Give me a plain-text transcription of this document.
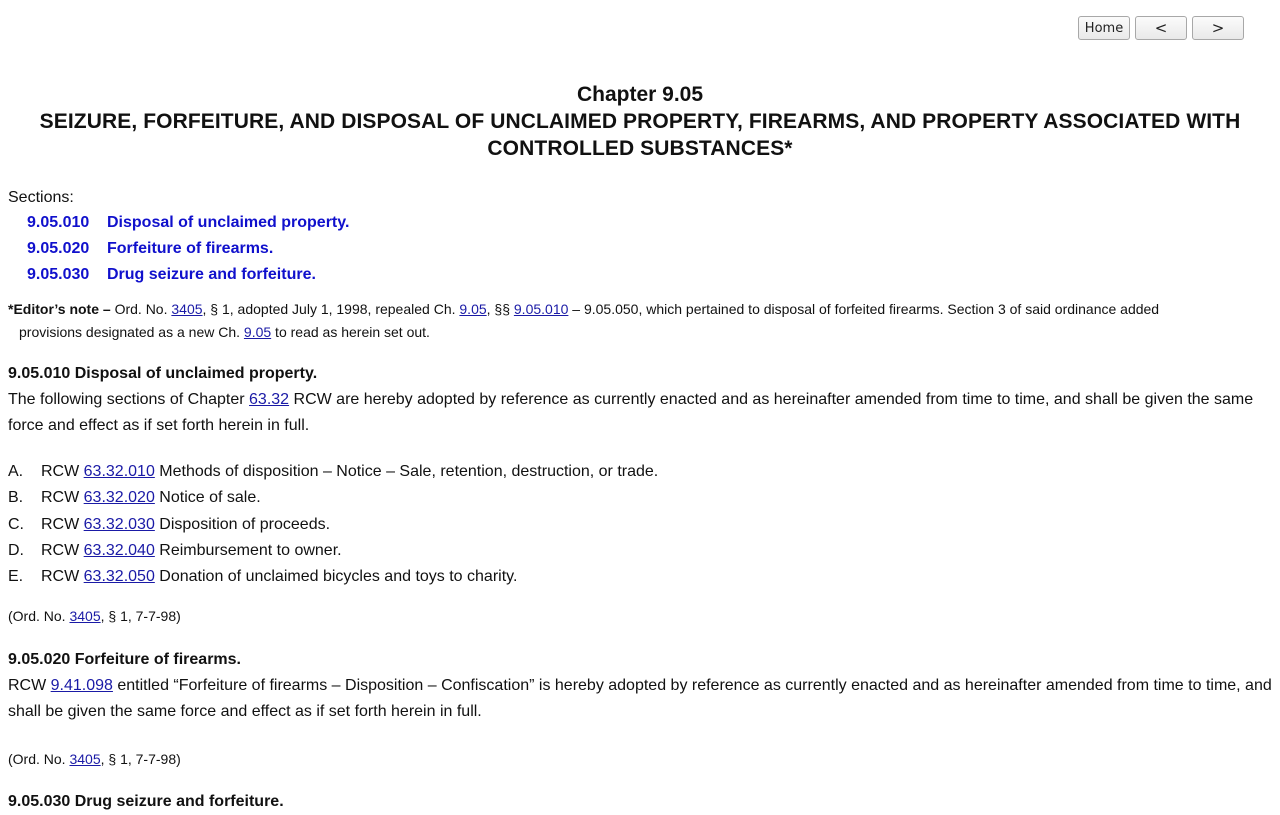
Home	<	>
Chapter 9.05
SEIZURE, FORFEITURE, AND DISPOSAL OF UNCLAIMED PROPERTY, FIREARMS, AND PROPERTY ASSOCIATED WITH CONTROLLED SUBSTANCES*
Sections:
9.05.010 Disposal of unclaimed property.
9.05.020 Forfeiture of firearms.
9.05.030 Drug seizure and forfeiture.
*Editor’s note – Ord. No. 3405, § 1, adopted July 1, 1998, repealed Ch. 9.05, §§ 9.05.010 – 9.05.050, which pertained to disposal of forfeited firearms. Section 3 of said ordinance added
provisions designated as a new Ch. 9.05 to read as herein set out.
9.05.010 Disposal of unclaimed property.

The following sections of Chapter 63.32 RCW are hereby adopted by reference as currently enacted and as hereinafter amended from time to time, and shall be given the same force and effect as if set forth herein in full.

A. RCW 63.32.010 Methods of disposition – Notice – Sale, retention, destruction, or trade.
B. RCW 63.32.020 Notice of sale.
C. RCW 63.32.030 Disposition of proceeds.
D. RCW 63.32.040 Reimbursement to owner.
E. RCW 63.32.050 Donation of unclaimed bicycles and toys to charity.
(Ord. No. 3405, § 1, 7-7-98)
9.05.020 Forfeiture of firearms.

RCW 9.41.098 entitled “Forfeiture of firearms – Disposition – Confiscation” is hereby adopted by reference as currently enacted and as hereinafter amended from time to time, and shall be given the same force and effect as if set forth herein in full.

(Ord. No. 3405, § 1, 7-7-98)
9.05.030 Drug seizure and forfeiture.
